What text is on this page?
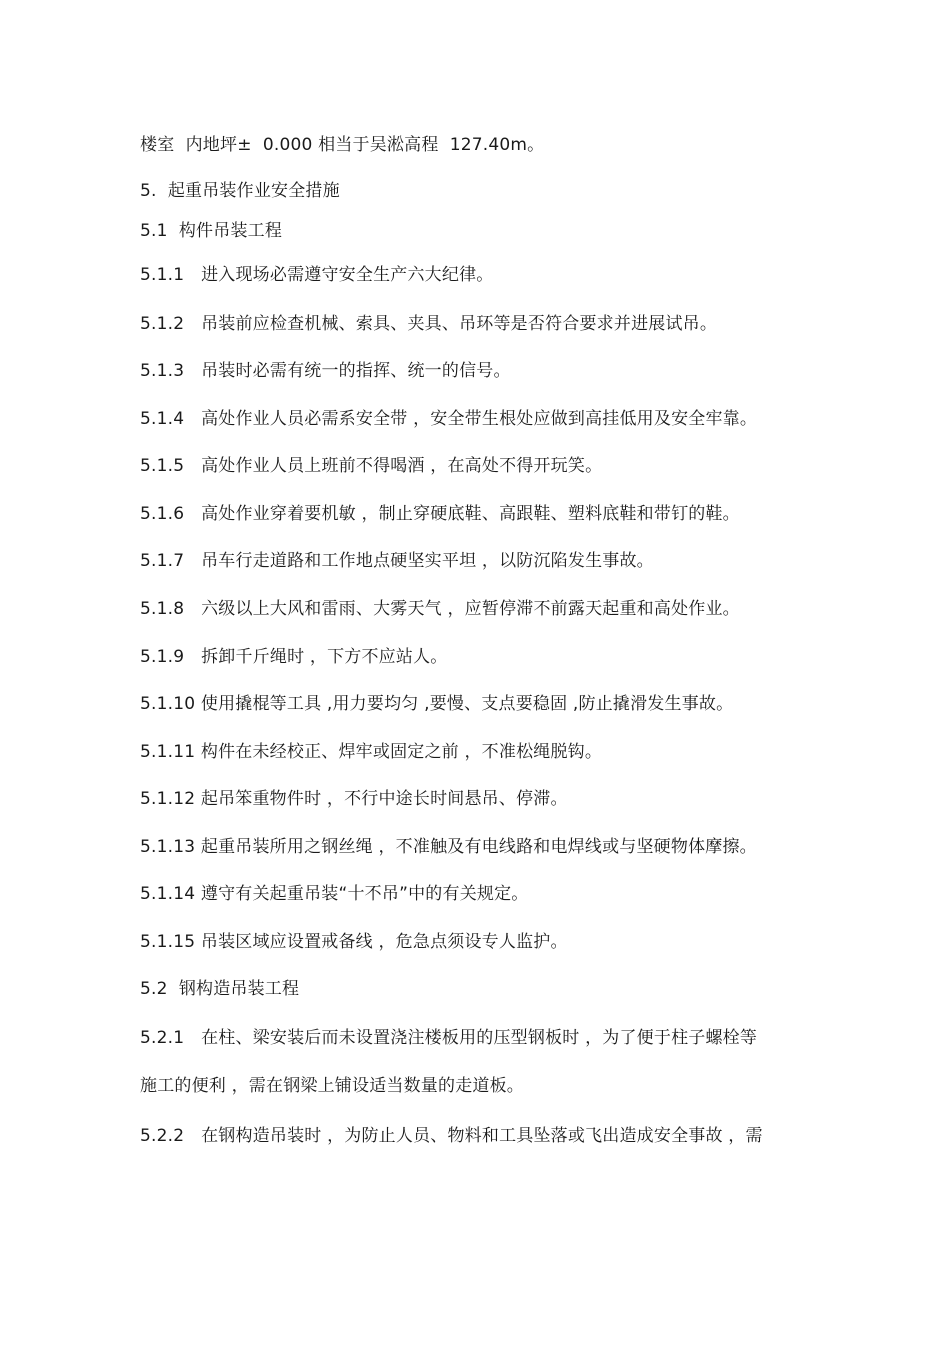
楼室  内地坪±  0.000 相当于吴淞高程  127.40m。
5.  起重吊装作业安全措施
5.1  构件吊装工程
5.1.1   进入现场必需遵守安全生产六大纪律。
5.1.2   吊装前应检查机械、索具、夹具、吊环等是否符合要求并进展试吊。
5.1.3   吊装时必需有统一的指挥、统一的信号。
5.1.4   高处作业人员必需系安全带 ，安全带生根处应做到高挂低用及安全牢靠。
5.1.5   高处作业人员上班前不得喝酒 ，在高处不得开玩笑。
5.1.6   高处作业穿着要机敏 ，制止穿硬底鞋、高跟鞋、塑料底鞋和带钉的鞋。
5.1.7   吊车行走道路和工作地点硬坚实平坦 ，以防沉陷发生事故。
5.1.8   六级以上大风和雷雨、大雾天气 ，应暂停滞不前露天起重和高处作业。
5.1.9   拆卸千斤绳时 ，下方不应站人。
5.1.10 使用撬棍等工具 ,用力要均匀 ,要慢、支点要稳固 ,防止撬滑发生事故。
5.1.11 构件在未经校正、焊牢或固定之前 ，不准松绳脱钩。
5.1.12 起吊笨重物件时 ，不行中途长时间悬吊、停滞。
5.1.13 起重吊装所用之钢丝绳 ，不准触及有电线路和电焊线或与坚硬物体摩擦。
5.1.14 遵守有关起重吊装“十不吊”中的有关规定。
5.1.15 吊装区域应设置戒备线 ，危急点须设专人监护。
5.2  钢构造吊装工程
5.2.1   在柱、梁安装后而未设置浇注楼板用的压型钢板时 ，为了便于柱子螺栓等
施工的便利 ，需在钢梁上铺设适当数量的走道板。
5.2.2   在钢构造吊装时 ，为防止人员、物料和工具坠落或飞出造成安全事故 ，需
